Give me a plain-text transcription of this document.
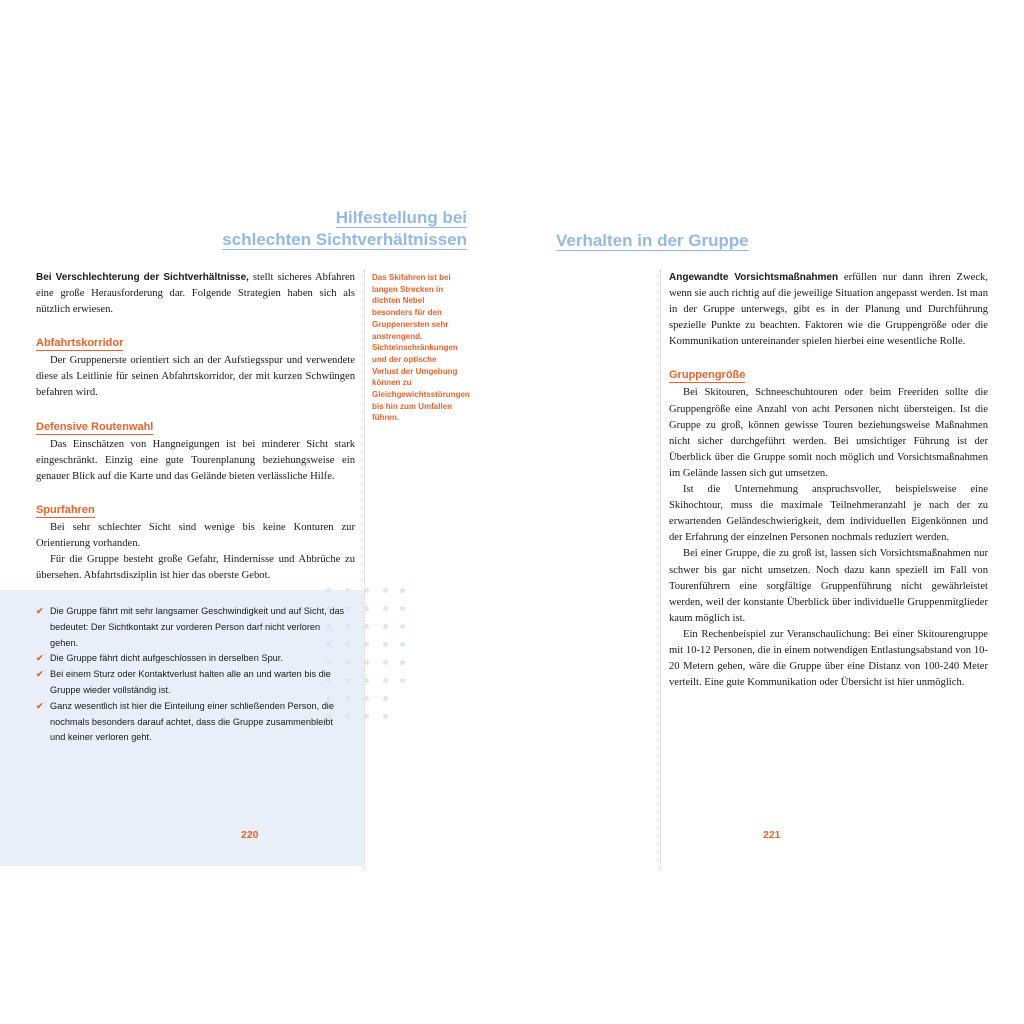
Hilfestellung bei
schlechten Sichtverhältnissen

Bei Verschlechterung der Sichtverhältnisse, stellt sicheres Abfahren eine große Herausforderung dar. Folgende Strategien haben sich als nützlich erwiesen.

Abfahrtskorridor

Der Gruppenerste orientiert sich an der Aufstiegsspur und verwendete diese als Leitlinie für seinen Abfahrtskorridor, der mit kurzen Schwüngen befahren wird.

Defensive Routenwahl

Das Einschätzen von Hangneigungen ist bei minderer Sicht stark eingeschränkt. Einzig eine gute Tourenplanung beziehungsweise ein genauer Blick auf die Karte und das Gelände bieten verlässliche Hilfe.

Spurfahren

Bei sehr schlechter Sicht sind wenige bis keine Konturen zur Orientierung vorhanden.

Für die Gruppe besteht große Gefahr, Hindernisse und Abbrüche zu übersehen. Abfahrtsdisziplin ist hier das oberste Gebot.

Das Skifahren ist bei langen Strecken in dichten Nebel besonders für den Gruppenersten sehr anstrengend. Sichteinschränkungen und der optische Verlust der Umgebung können zu Gleichgewichtsstörungen bis hin zum Umfallen führen.

✔ Die Gruppe fährt mit sehr langsamer Geschwindigkeit und auf Sicht, das bedeutet: Der Sichtkontakt zur vorderen Person darf nicht verloren gehen.
✔ Die Gruppe fährt dicht aufgeschlossen in derselben Spur.
✔ Bei einem Sturz oder Kontaktverlust halten alle an und warten bis die Gruppe wieder vollständig ist.
✔ Ganz wesentlich ist hier die Einteilung einer schließenden Person, die nochmals besonders darauf achtet, dass die Gruppe zusammenbleibt und keiner verloren geht.
220
Verhalten in der Gruppe

Angewandte Vorsichtsmaßnahmen erfüllen nur dann ihren Zweck, wenn sie auch richtig auf die jeweilige Situation angepasst werden. Ist man in der Gruppe unterwegs, gibt es in der Planung und Durchführung spezielle Punkte zu beachten. Faktoren wie die Gruppengröße oder die Kommunikation untereinander spielen hierbei eine wesentliche Rolle.

Gruppengröße

Bei Skitouren, Schneeschuhtouren oder beim Freeriden sollte die Gruppengröße eine Anzahl von acht Personen nicht übersteigen. Ist die Gruppe zu groß, können gewisse Touren beziehungsweise Maßnahmen nicht sicher durchgeführt werden. Bei umsichtiger Führung ist der Überblick über die Gruppe somit noch möglich und Vorsichtsmaßnahmen im Gelände lassen sich gut umsetzen.

Ist die Unternehmung anspruchsvoller, beispielsweise eine Skihochtour, muss die maximale Teilnehmeranzahl je nach der zu erwartenden Geländeschwierigkeit, dem individuellen Eigenkönnen und der Erfahrung der einzelnen Personen nochmals reduziert werden.

Bei einer Gruppe, die zu groß ist, lassen sich Vorsichtsmaßnahmen nur schwer bis gar nicht umsetzen. Noch dazu kann speziell im Fall von Tourenführern eine sorgfältige Gruppenführung nicht gewährleistet werden, weil der konstante Überblick über individuelle Gruppenmitglieder kaum möglich ist.

Ein Rechenbeispiel zur Veranschaulichung: Bei einer Skitourengruppe mit 10-12 Personen, die in einem notwendigen Entlastungsabstand von 10-20 Metern gehen, wäre die Gruppe über eine Distanz von 100-240 Meter verteilt. Eine gute Kommunikation oder Übersicht ist hier unmöglich.

221
